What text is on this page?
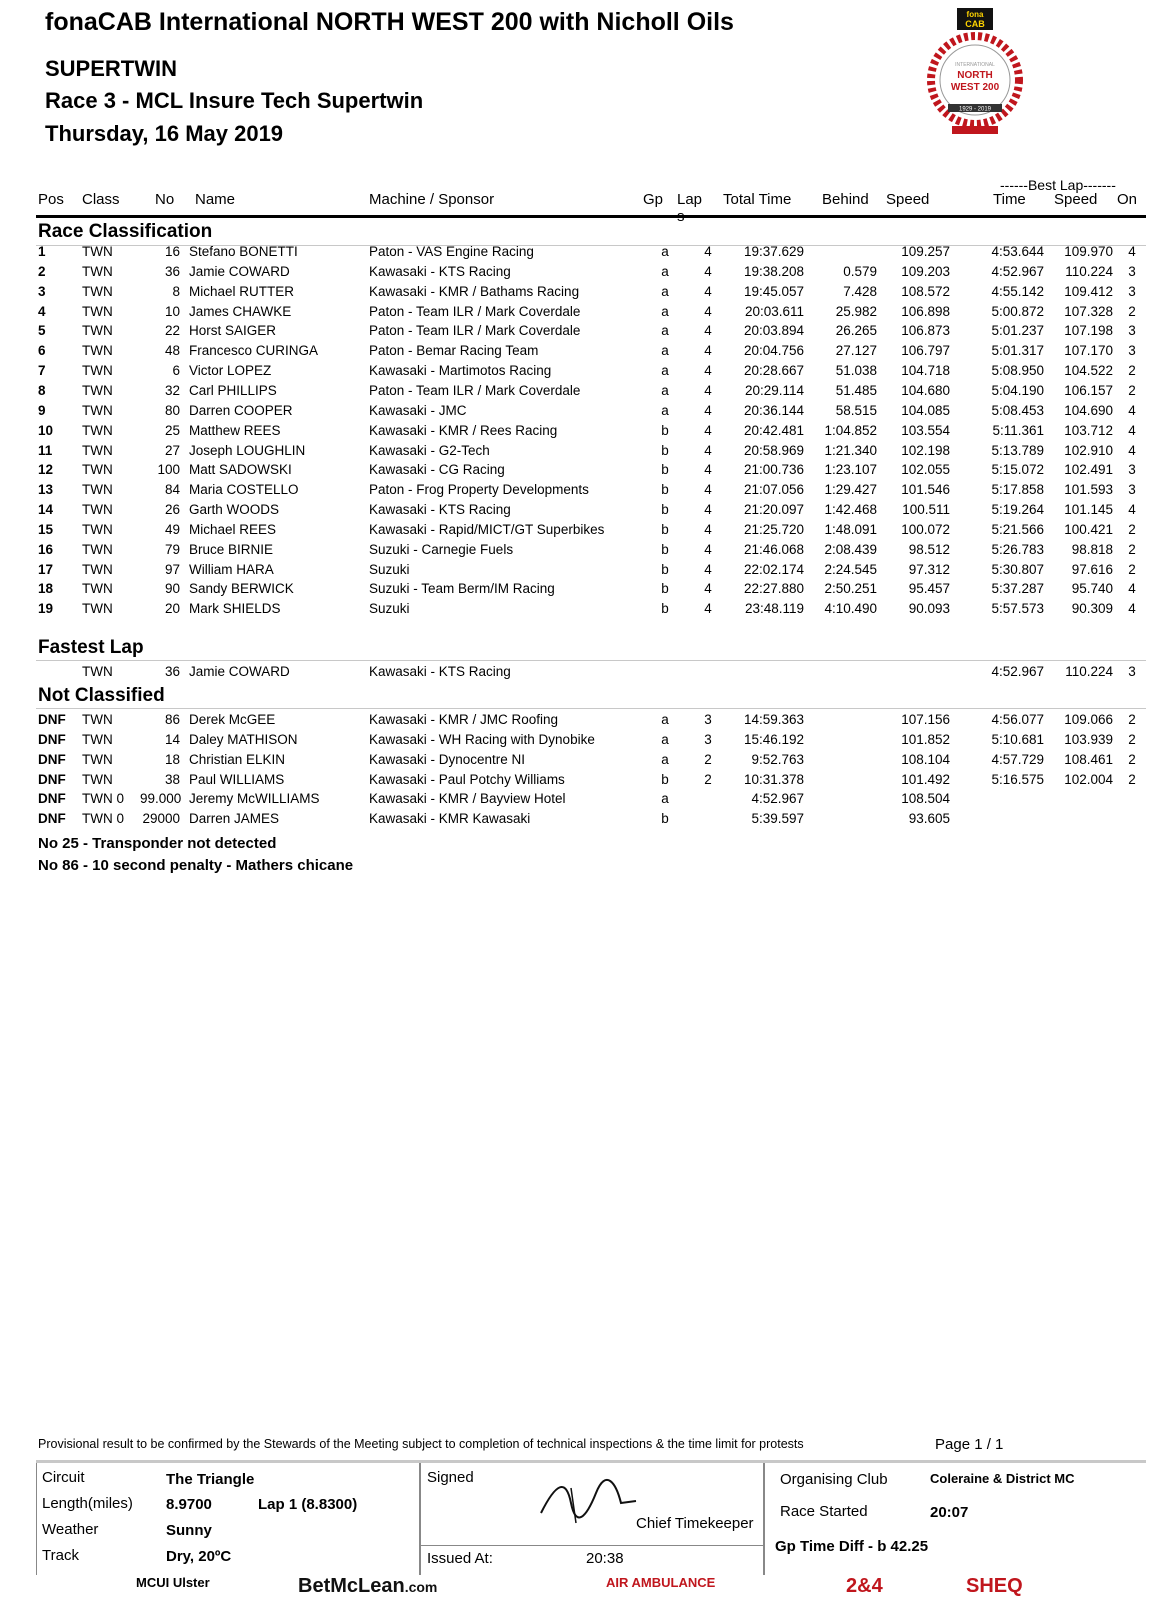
fonaCAB International NORTH WEST 200 with Nicholl Oils
SUPERTWIN
Race 3 - MCL Insure Tech Supertwin
Thursday, 16 May 2019
fona
CAB
INTERNATIONAL
NORTH
WEST 200
1929 - 2019
------Best Lap-------
Pos Class No Name	Machine / Sponsor	Gp Lap Total Time Behind Speed	Time Speed On
Race Classification
1	TWN	16 Stefano BONETTI	Paton - VAS Engine Racing	a	4	19:37.629	109.257	4:53.644	109.970 4
2	TWN	36 Jamie COWARD	Kawasaki - KTS Racing	a	4	19:38.208	0.579	109.203	4:52.967	110.224 3
3	TWN	8 Michael RUTTER	Kawasaki - KMR / Bathams Racing	a	4	19:45.057	7.428	108.572	4:55.142	109.412 3
4	TWN	10 James CHAWKE	Paton - Team ILR / Mark Coverdale	a	4	20:03.611	25.982	106.898	5:00.872	107.328 2
5	TWN	22 Horst SAIGER	Paton - Team ILR / Mark Coverdale	a	4	20:03.894	26.265	106.873	5:01.237	107.198 3
6	TWN	48 Francesco CURINGA	Paton - Bemar Racing Team	a	4	20:04.756	27.127	106.797	5:01.317	107.170 3
7	TWN	6 Victor LOPEZ	Kawasaki - Martimotos Racing	a	4	20:28.667	51.038	104.718	5:08.950	104.522 2
8	TWN	32 Carl PHILLIPS	Paton - Team ILR / Mark Coverdale	a	4	20:29.114	51.485	104.680	5:04.190	106.157 2
9	TWN	80 Darren COOPER	Kawasaki - JMC	a	4	20:36.144	58.515	104.085	5:08.453	104.690 4
10 TWN	25 Matthew REES	Kawasaki - KMR / Rees Racing	b	4	20:42.481	1:04.852	103.554	5:11.361	103.712 4
11 TWN	27 Joseph LOUGHLIN	Kawasaki - G2-Tech	b	4	20:58.969	1:21.340	102.198	5:13.789	102.910 4
12 TWN	100 Matt SADOWSKI	Kawasaki - CG Racing	b	4	21:00.736	1:23.107	102.055	5:15.072	102.491 3
13 TWN	84 Maria COSTELLO	Paton - Frog Property Developments	b	4	21:07.056	1:29.427	101.546	5:17.858	101.593 3
14 TWN	26 Garth WOODS	Kawasaki - KTS Racing	b	4	21:20.097	1:42.468	100.511	5:19.264	101.145 4
15 TWN	49 Michael REES	Kawasaki - Rapid/MICT/GT Superbikes	b	4	21:25.720	1:48.091	100.072	5:21.566	100.421 2
16 TWN	79 Bruce BIRNIE	Suzuki - Carnegie Fuels	b	4	21:46.068	2:08.439	98.512	5:26.783	98.818 2
17 TWN	97 William HARA	Suzuki	b	4	22:02.174	2:24.545	97.312	5:30.807	97.616 2
18 TWN	90 Sandy BERWICK	Suzuki - Team Berm/IM Racing	b	4	22:27.880	2:50.251	95.457	5:37.287	95.740 4
19 TWN	20 Mark SHIELDS	Suzuki	b	4	23:48.119	4:10.490	90.093	5:57.573	90.309 4
Fastest Lap
TWN	36 Jamie COWARD	Kawasaki - KTS Racing	4:52.967	110.224 3
Not Classified
DNF TWN	86 Derek McGEE	Kawasaki - KMR / JMC Roofing	a	3	14:59.363	107.156	4:56.077	109.066 2
DNF TWN	14 Daley MATHISON	Kawasaki - WH Racing with Dynobike	a	3	15:46.192	101.852	5:10.681	103.939 2
DNF TWN	18 Christian ELKIN	Kawasaki - Dynocentre NI	a	2	9:52.763	108.104	4:57.729	108.461 2
DNF TWN	38 Paul WILLIAMS	Kawasaki - Paul Potchy Williams	b	2	10:31.378	101.492	5:16.575	102.004 2
DNF TWN 0 99.000 Jeremy McWILLIAMS	Kawasaki - KMR / Bayview Hotel	a	4:52.967	108.504
DNF TWN 0 29000 Darren JAMES	Kawasaki - KMR Kawasaki	b	5:39.597	93.605
No 25 - Transponder not detected
No 86 - 10 second penalty - Mathers chicane
Provisional result to be confirmed by the Stewards of the Meeting subject to completion of technical inspections & the time limit for protests	Page 1 / 1
Circuit	The Triangle
Length(miles) 8.9700	Lap 1 (8.8300)
Weather	Sunny
Track	Dry, 20ºC
Signed
Chief Timekeeper
Issued At:	20:38
Organising Club	Coleraine & District MC
Race Started	20:07
Gp Time Diff - b 42.25
MCUI Ulster	BetMcLean.com	AIR AMBULANCE	2&4	SHEQ
